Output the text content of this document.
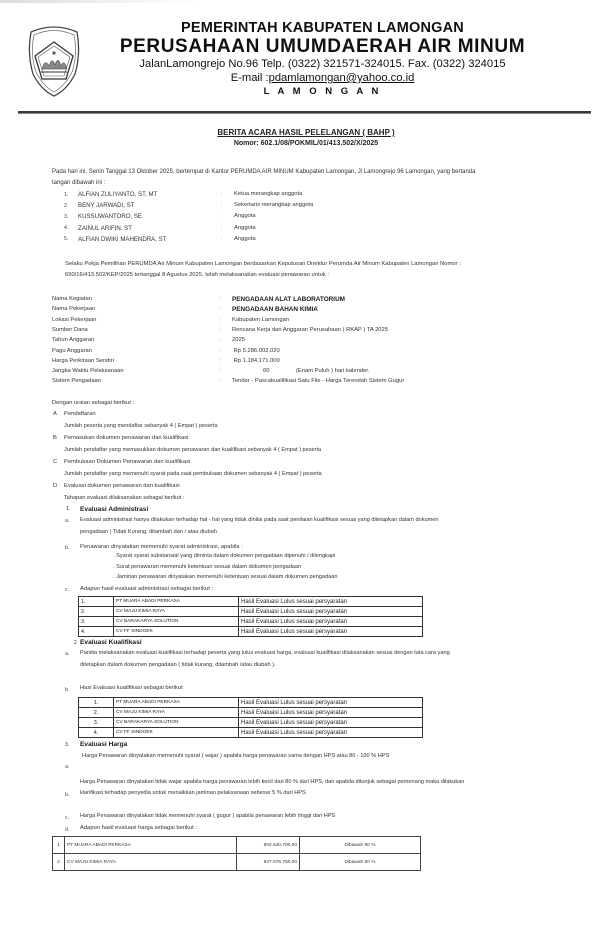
PEMERINTAH KABUPATEN LAMONGAN
PERUSAHAAN UMUMDAERAH AIR MINUM
JalanLamongrejo No.96 Telp. (0322) 321571-324015. Fax. (0322) 324015
E-mail :pdamlamongan@yahoo.co.id
L A M O N G A N
BERITA ACARA HASIL PELELANGAN ( BAHP )
Nomor: 602.1/08/POKMIL/01/413.502/X/2025
Pada hari ini, Senin Tanggal 13 Oktober 2025, bertempat di Kantor PERUMDA AIR MINUM Kabupaten Lamongan, Jl Lamongrejo 96 Lamongan, yang bertanda
tangan dibawah ini :
1. ALFIAN ZULIYANTO, ST, MT	: Ketua merangkap anggota
2. BENY JARWADI, ST	: Sekertaris merangkap anggota
3. KUSSUWANTORO, SE	: Anggota
4. ZAINUL ARIFIN, ST	: Anggota
5. ALFIAN DWIKI MAHENDRA, ST	: Anggota
Selaku Pokja Pemilihan PERUMDA Air Minum Kabupaten Lamongan berdasarkan Keputusan Direktur Perumda Air Minum Kabupaten Lamongan Nomor :
690/16/413.502/KEP/2025 tertanggal 8 Agustus 2025, telah melaksanakan evaluasi penawaran untuk :
Nama Kegiatan	: PENGADAAN ALAT LABORATORIUM
Nama Pekerjaan	: PENGADAAN BAHAN KIMIA
Lokasi Pekerjaan	: Kabupaten Lamongan
Sumber Dana	: Rencana Kerja dan Anggaran Perusahaan ( RKAP ) TA 2025
Tahun Anggaran	: 2025
Pagu Anggaran	: Rp 5.286.002.020
Harga Perkiraan Sendiri	: Rp 1.184.171.000
Jangka Waktu Pelaksanaan	:	60	(Enam Puluh ) hari kalender.
Sistem Pengadaan	: Tender - Pascakualifikasi Satu File - Harga Terendah Sistem Gugur
Dengan uraian sebagai berikut :
A Pendaftaran
Jumlah peserta yang mendaftar sebanyak 4 ( Empat ) peserta
B Pemasukan dokumen penawaran dan kualifikasi
Jumlah pendaftar yang memasukkan dokumen penawaran dan kualifikasi sebanyak 4 ( Empat ) peserta
C Pembukaan Dokumen Penawaran dan kualifikasi
Jumlah pendaftar yang memenuhi syarat pada saat pembukaan dokumen sebanyak 4 ( Empat ) peserta
D Evaluasi dokumen penawaran dan kualifikasi
Tahapan evaluasi dilaksanakan sebagai berikut :
1. Evaluasi Administrasi
a. Evaluasi administrasi hanya dilakukan terhadap hal - hal yang tidak dinilai pada saat penilaian kualifikasi sesuai yang ditetapkan dalam dokumen
pengadaan ( Tidak Kurang, ditambah dan / atau diubah
b. Penawaran dinyatakan memenuhi syarat administrasi, apabila :
. Syarat syarat substansial yang diminta dalam dokumen pengadaan dipenuhi / dilengkapi
. Surat penawaran memenuhi ketentuan sesuai dalam dokumen pengadaan
. Jaminan penawaran dinyatakan memenuhi ketentuan sesuai dalam dokumen pengadaan
c. Adapun hasil evaluasi administrasi sebagai berikut :
1.	PT MUARA ABADI PERKASA	Hasil Evaluasi Lulus sesuai persyaratan
2.	CV MAJU KIMIA RAYA	Hasil Evaluasi Lulus sesuai persyaratan
3.	CV BARAKARYA SOLUTION	Hasil Evaluasi Lulus sesuai persyaratan
4.	CV FF SINDOEK	Hasil Evaluasi Lulus sesuai persyaratan
2 Evaluasi Kualifikasi
a. Panitia melaksanakan evaluasi kualifikasi terhadap peserta yang lulus evaluasi harga, evaluasi kualifikasi dilaksanakan sesuai dengan tata cara yang
ditetapkan dalam dokumen pengadaan ( tidak kurang, ditambah /atau diubah ).
b. Hasi Evaluasi kualifikasi sebagai berikut
1.	PT MUARA ABADI PERKASA	Hasil Evaluasi Lulus sesuai persyaratan
2.	CV MAJU KIMIA RAYA	Hasil Evaluasi Lulus sesuai persyaratan
3.	CV BARAKARYA SOLUTION	Hasil Evaluasi Lulus sesuai persyaratan
4.	CV FF SINDOEK	Hasil Evaluasi Lulus sesuai persyaratan
3. Evaluasi Harga
Harga Penawaran dinyatakan memenuhi syarat ( wajar ) apabila harga penawaran sama dengan HPS atau 80 - 100 % HPS
a.
Harga Penawaran dinyatakan tidak wajar apabila harga penawaran lebih kecil dari 80 % dari HPS, dan apabila ditunjuk sebagai pemenang maka dilakukan
b. klarifikasi terhadap penyedia untuk menaikkan jaminan pelaksanaan sebesar 5 % dari HPS
c. Harga Penawaran dinyatakan tidak memenuhi syarat ( gugur ) apabila penawaran lebih tinggi dari HPS
d. Adapun hasil evaluasi harga sebagai berikut :
1	PT MUARA ABADI PERKASA	902.640.700,00	Dibawah 80 %
2	CV MAJU KIMIA RAYA	947.079.750,00	Dibawah 80 %
